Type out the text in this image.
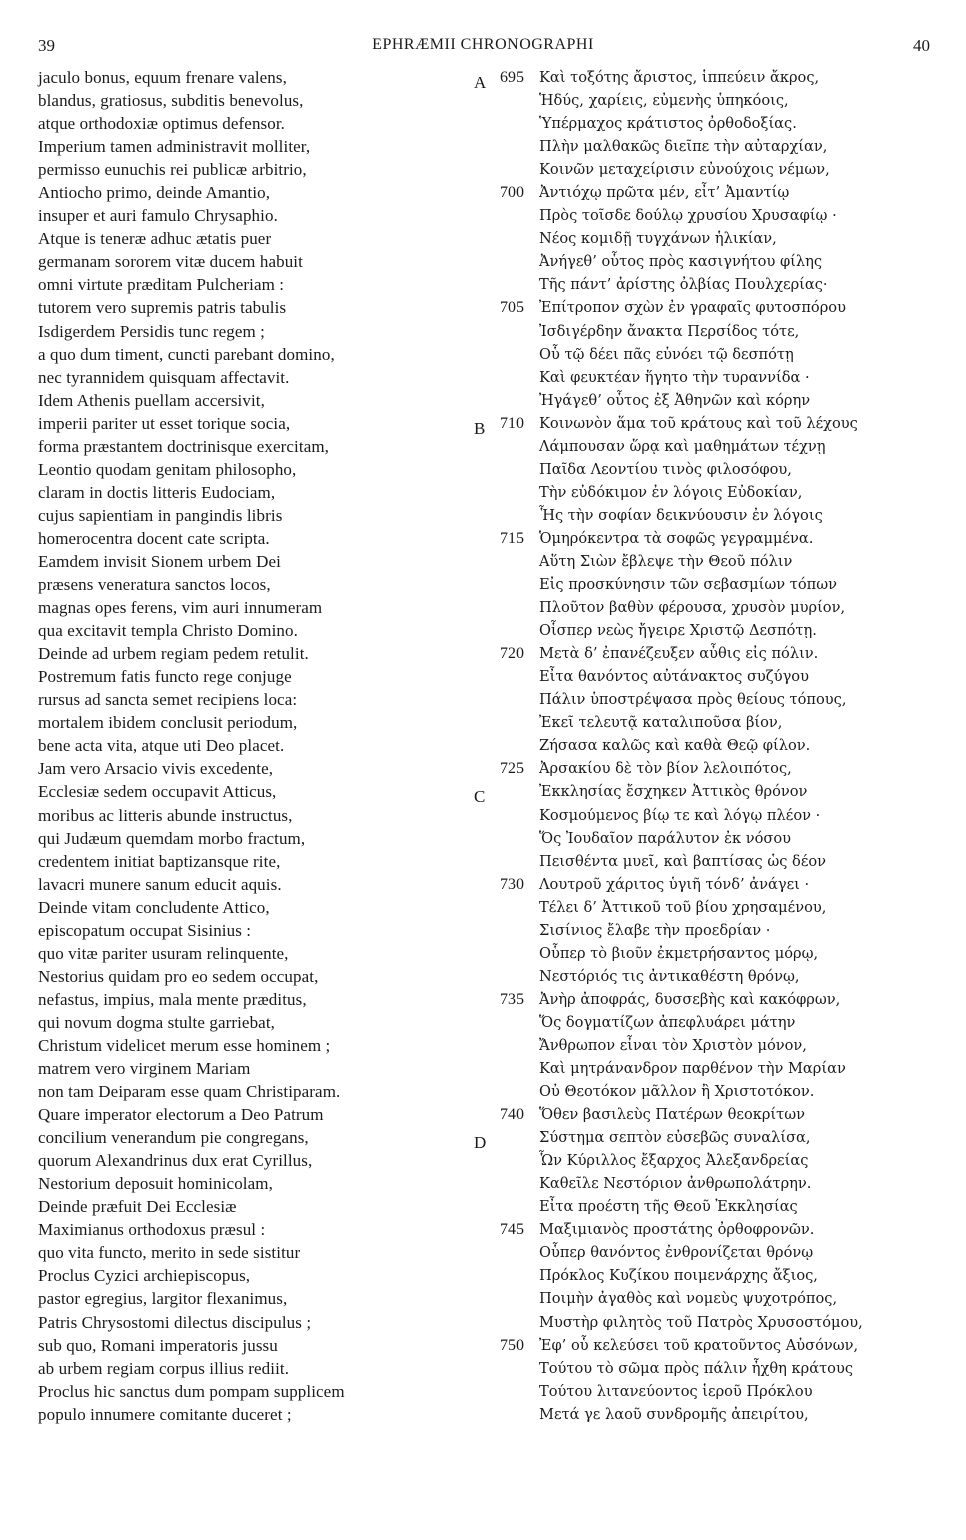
39	EPHRÆMII CHRONOGRAPHI	40
jaculo bonus, equum frenare valens,
blandus, gratiosus, subditis benevolus,
atque orthodoxiæ optimus defensor.
Imperium tamen administravit molliter,
permisso eunuchis rei publicæ arbitrio,
Antiocho primo, deinde Amantio,
insuper et auri famulo Chrysaphio.
Atque is teneræ adhuc ætatis puer
germanam sororem vitæ ducem habuit
omni virtute præditam Pulcheriam :
tutorem vero supremis patris tabulis
Isdigerdem Persidis tunc regem ;
a quo dum timent, cuncti parebant domino,
nec tyrannidem quisquam affectavit.
Idem Athenis puellam accersivit,
imperii pariter ut esset torique socia,
forma præstantem doctrinisque exercitam,
Leontio quodam genitam philosopho,
claram in doctis litteris Eudociam,
cujus sapientiam in pangindis libris
homerocentra docent cate scripta.
Eamdem invisit Sionem urbem Dei
præsens veneratura sanctos locos,
magnas opes ferens, vim auri innumeram
qua excitavit templa Christo Domino.
Deinde ad urbem regiam pedem retulit.
Postremum fatis functo rege conjuge
rursus ad sancta semet recipiens loca:
mortalem ibidem conclusit periodum,
bene acta vita, atque uti Deo placet.
Jam vero Arsacio vivis excedente,
Ecclesiæ sedem occupavit Atticus,
moribus ac litteris abunde instructus,
qui Judæum quemdam morbo fractum,
credentem initiat baptizansque rite,
lavacri munere sanum educit aquis.
Deinde vitam concludente Attico,
episcopatum occupat Sisinius :
quo vitæ pariter usuram relinquente,
Nestorius quidam pro eo sedem occupat,
nefastus, impius, mala mente præditus,
qui novum dogma stulte garriebat,
Christum videlicet merum esse hominem ;
matrem vero virginem Mariam
non tam Deiparam esse quam Christiparam.
Quare imperator electorum a Deo Patrum
concilium venerandum pie congregans,
quorum Alexandrinus dux erat Cyrillus,
Nestorium deposuit hominicolam,
Deinde præfuit Dei Ecclesiæ
Maximianus orthodoxus præsul :
quo vita functo, merito in sede sistitur
Proclus Cyzici archiepiscopus,
pastor egregius, largitor flexanimus,
Patris Chrysostomi dilectus discipulus ;
sub quo, Romani imperatoris jussu
ab urbem regiam corpus illius rediit.
Proclus hic sanctus dum pompam supplicem
populo innumere comitante duceret ;
A 695	Καὶ τοξότης ἄριστος, ἱππεύειν ἄκρος,
Ἡδύς, χαρίεις, εὐμενὴς ὑπηκόοις,
Ὑπέρμαχος κράτιστος ὀρθοδοξίας.
Πλὴν μαλθακῶς διεῖπε τὴν αὐταρχίαν,
Κοινῶν μεταχείρισιν εὐνούχοις νέμων,
700	Ἀντιόχῳ πρῶτα μέν, εἶτ’ Ἀμαντίῳ
Πρὸς τοῖσδε δούλῳ χρυσίου Χρυσαφίῳ ·
Νέος κομιδῇ τυγχάνων ἡλικίαν,
Ἀνήγεθ’ οὗτος πρὸς κασιγνήτου φίλης
Τῆς πάντ’ ἀρίστης ὀλβίας Πουλχερίας·
705	Ἐπίτροπον σχὼν ἐν γραφαῖς φυτοσπόρου
Ἰσδιγέρδην ἄνακτα Περσίδος τότε,
Οὗ τῷ δέει πᾶς εὐνόει τῷ δεσπότῃ
Καὶ φευκτέαν ἥγητο τὴν τυραννίδα ·
Ἠγάγεθ’ οὗτος ἐξ Ἀθηνῶν καὶ κόρην
B 710	Κοινωνὸν ἅμα τοῦ κράτους καὶ τοῦ λέχους
Λάμπουσαν ὥρᾳ καὶ μαθημάτων τέχνῃ
Παῖδα Λεοντίου τινὸς φιλοσόφου,
Τὴν εὐδόκιμον ἐν λόγοις Εὐδοκίαν,
Ἧς τὴν σοφίαν δεικνύουσιν ἐν λόγοις
715	Ὁμηρόκεντρα τὰ σοφῶς γεγραμμένα.
Αὕτη Σιὼν ἔβλεψε τὴν Θεοῦ πόλιν
Εἰς προσκύνησιν τῶν σεβασμίων τόπων
Πλοῦτον βαθὺν φέρουσα, χρυσὸν μυρίον,
Οἷσπερ νεὼς ἤγειρε Χριστῷ Δεσπότῃ.
720	Μετὰ δ’ ἐπανέζευξεν αὖθις εἰς πόλιν.
Εἶτα θανόντος αὐτάνακτος συζύγου
Πάλιν ὑποστρέψασα πρὸς θείους τόπους,
Ἐκεῖ τελευτᾷ καταλιποῦσα βίον,
Ζήσασα καλῶς καὶ καθὰ Θεῷ φίλον.
725	Ἀρσακίου δὲ τὸν βίον λελοιπότος,
C	Ἐκκλησίας ἔσχηκεν Ἀττικὸς θρόνον
Κοσμούμενος βίῳ τε καὶ λόγῳ πλέον ·
Ὅς Ἰουδαῖον παράλυτον ἐκ νόσου
Πεισθέντα μυεῖ, καὶ βαπτίσας ὡς δέον
730	Λουτροῦ χάριτος ὑγιῆ τόνδ’ ἀνάγει ·
Τέλει δ’ Ἀττικοῦ τοῦ βίου χρησαμένου,
Σισίνιος ἔλαβε τὴν προεδρίαν ·
Οὗπερ τὸ βιοῦν ἐκμετρήσαντος μόρῳ,
Νεστόριός τις ἀντικαθέστη θρόνῳ,
735	Ἀνὴρ ἀποφράς, δυσσεβὴς καὶ κακόφρων,
Ὅς δογματίζων ἀπεφλυάρει μάτην
Ἄνθρωπον εἶναι τὸν Χριστὸν μόνον,
Καὶ μητράνανδρον παρθένον τὴν Μαρίαν
Οὐ Θεοτόκον μᾶλλον ἢ Χριστοτόκον.
740	Ὅθεν βασιλεὺς Πατέρων θεοκρίτων
D	Σύστημα σεπτὸν εὐσεβῶς συναλίσα,
Ὧν Κύριλλος ἔξαρχος Ἀλεξανδρείας
Καθεῖλε Νεστόριον ἀνθρωπολάτρην.
Εἶτα προέστη τῆς Θεοῦ Ἐκκλησίας
745	Μαξιμιανὸς προστάτης ὀρθοφρονῶν.
Οὗπερ θανόντος ἐνθρονίζεται θρόνῳ
Πρόκλος Κυζίκου ποιμενάρχης ἄξιος,
Ποιμὴν ἀγαθὸς καὶ νομεὺς ψυχοτρόπος,
Μυστὴρ φιλητὸς τοῦ Πατρὸς Χρυσοστόμου,
750	Ἐφ’ οὗ κελεύσει τοῦ κρατοῦντος Αὐσόνων,
Τούτου τὸ σῶμα πρὸς πάλιν ἦχθη κράτους
Τούτου λιτανεύοντος ἱεροῦ Πρόκλου
Μετά γε λαοῦ συνδρομῆς ἀπειρίτου,
